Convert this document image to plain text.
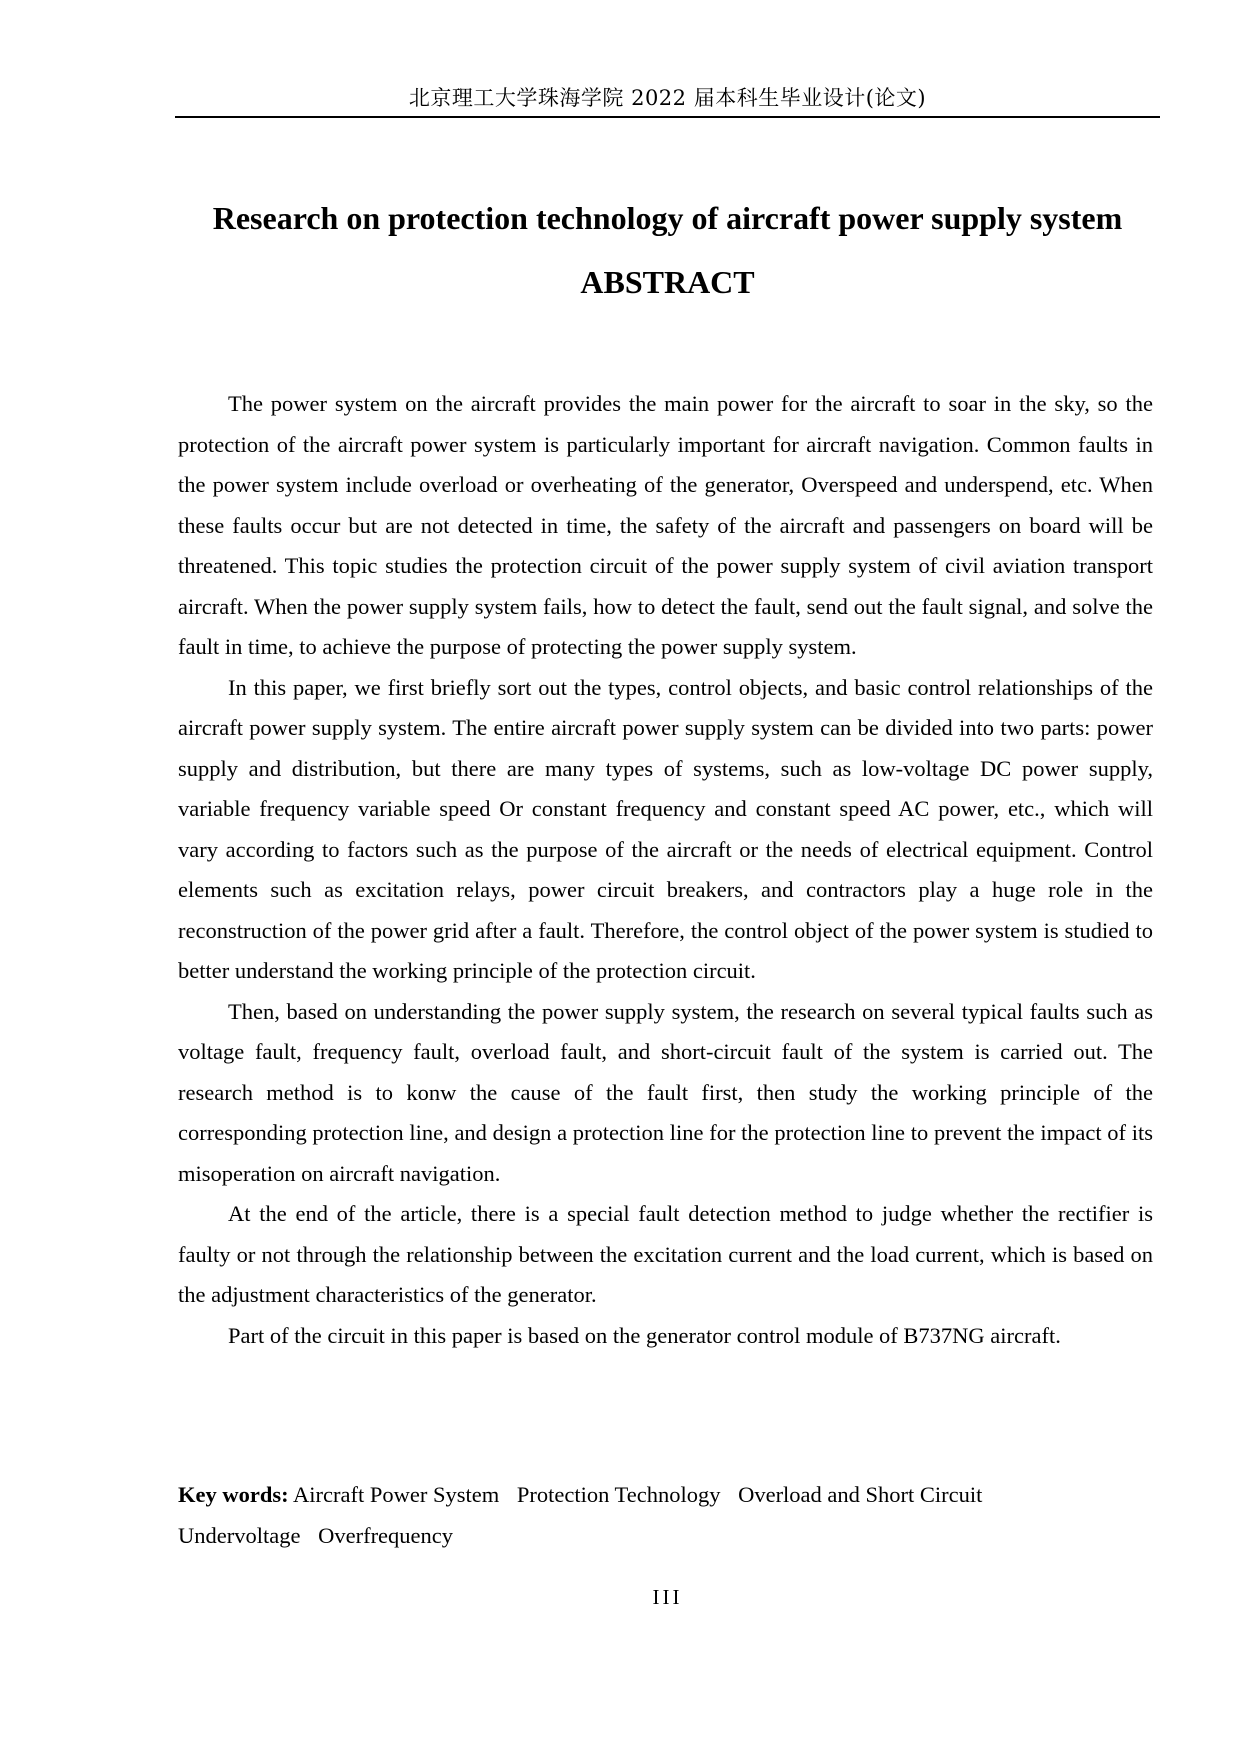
北京理工大学珠海学院 2022 届本科生毕业设计(论文)
Research on protection technology of aircraft power supply system
ABSTRACT

The power system on the aircraft provides the main power for the aircraft to soar in the sky, so the protection of the aircraft power system is particularly important for aircraft navigation. Common faults in the power system include overload or overheating of the generator, Overspeed and underspend, etc. When these faults occur but are not detected in time, the safety of the aircraft and passengers on board will be threatened. This topic studies the protection circuit of the power supply system of civil aviation transport aircraft. When the power supply system fails, how to detect the fault, send out the fault signal, and solve the fault in time, to achieve the purpose of protecting the power supply system.

In this paper, we first briefly sort out the types, control objects, and basic control relationships of the aircraft power supply system. The entire aircraft power supply system can be divided into two parts: power supply and distribution, but there are many types of systems, such as low-voltage DC power supply, variable frequency variable speed Or constant frequency and constant speed AC power, etc., which will vary according to factors such as the purpose of the aircraft or the needs of electrical equipment. Control elements such as excitation relays, power circuit breakers, and contractors play a huge role in the reconstruction of the power grid after a fault. Therefore, the control object of the power system is studied to better understand the working principle of the protection circuit.

Then, based on understanding the power supply system, the research on several typical faults such as voltage fault, frequency fault, overload fault, and short-circuit fault of the system is carried out. The research method is to konw the cause of the fault first, then study the working principle of the corresponding protection line, and design a protection line for the protection line to prevent the impact of its misoperation on aircraft navigation.

At the end of the article, there is a special fault detection method to judge whether the rectifier is faulty or not through the relationship between the excitation current and the load current, which is based on the adjustment characteristics of the generator.

Part of the circuit in this paper is based on the generator control module of B737NG aircraft.

Key words: Aircraft Power System Protection Technology Overload and Short Circuit
Undervoltage Overfrequency

III
